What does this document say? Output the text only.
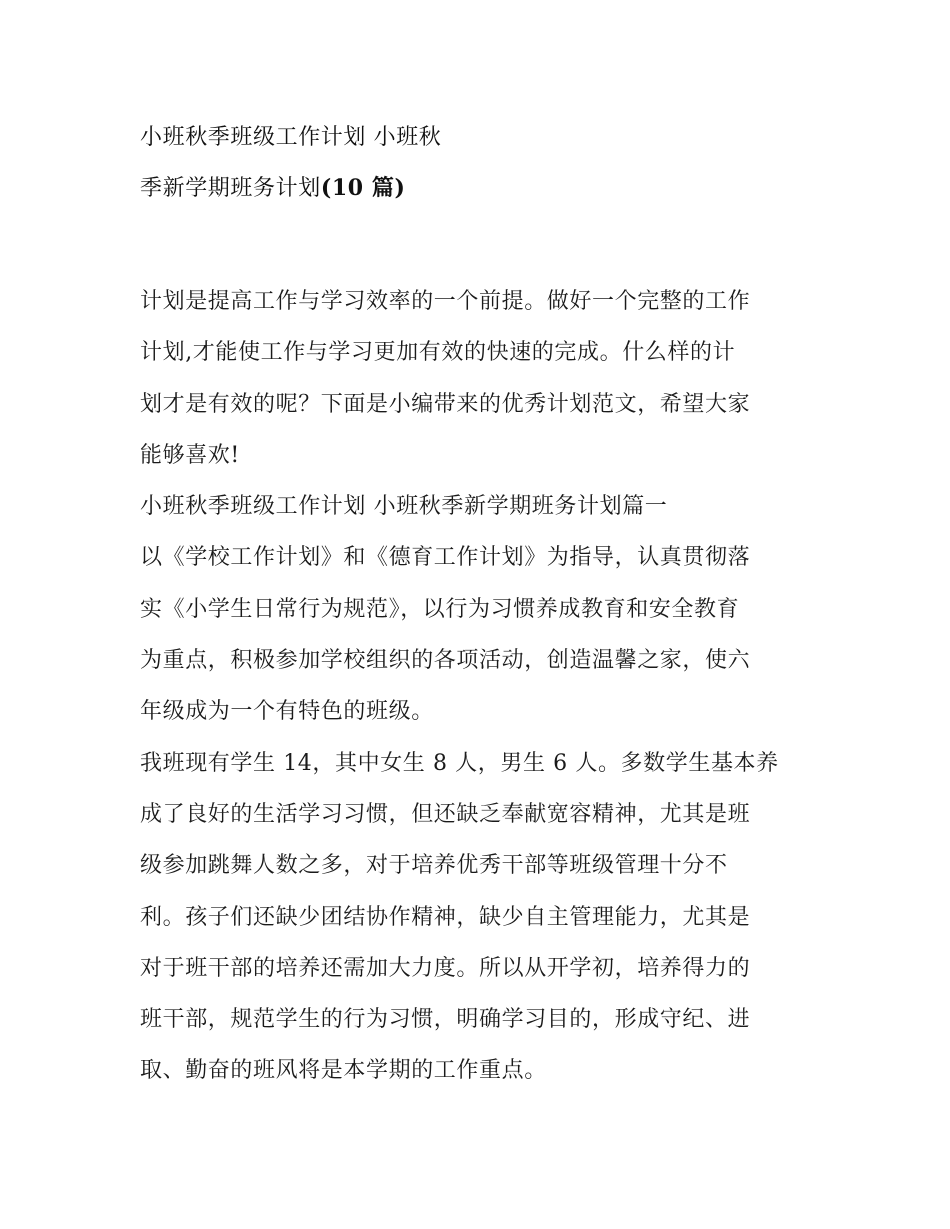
小班秋季班级工作计划 小班秋
季新学期班务计划(10 篇)
计划是提高工作与学习效率的一个前提。做好一个完整的工作
计划,才能使工作与学习更加有效的快速的完成。什么样的计
划才是有效的呢？下面是小编带来的优秀计划范文，希望大家
能够喜欢!
小班秋季班级工作计划 小班秋季新学期班务计划篇一
以《学校工作计划》和《德育工作计划》为指导，认真贯彻落
实《小学生日常行为规范》，以行为习惯养成教育和安全教育
为重点，积极参加学校组织的各项活动，创造温馨之家，使六
年级成为一个有特色的班级。
我班现有学生 14，其中女生 8 人，男生 6 人。多数学生基本养
成了良好的生活学习习惯，但还缺乏奉献宽容精神，尤其是班
级参加跳舞人数之多，对于培养优秀干部等班级管理十分不
利。孩子们还缺少团结协作精神，缺少自主管理能力，尤其是
对于班干部的培养还需加大力度。所以从开学初，培养得力的
班干部，规范学生的行为习惯，明确学习目的，形成守纪、进
取、勤奋的班风将是本学期的工作重点。
